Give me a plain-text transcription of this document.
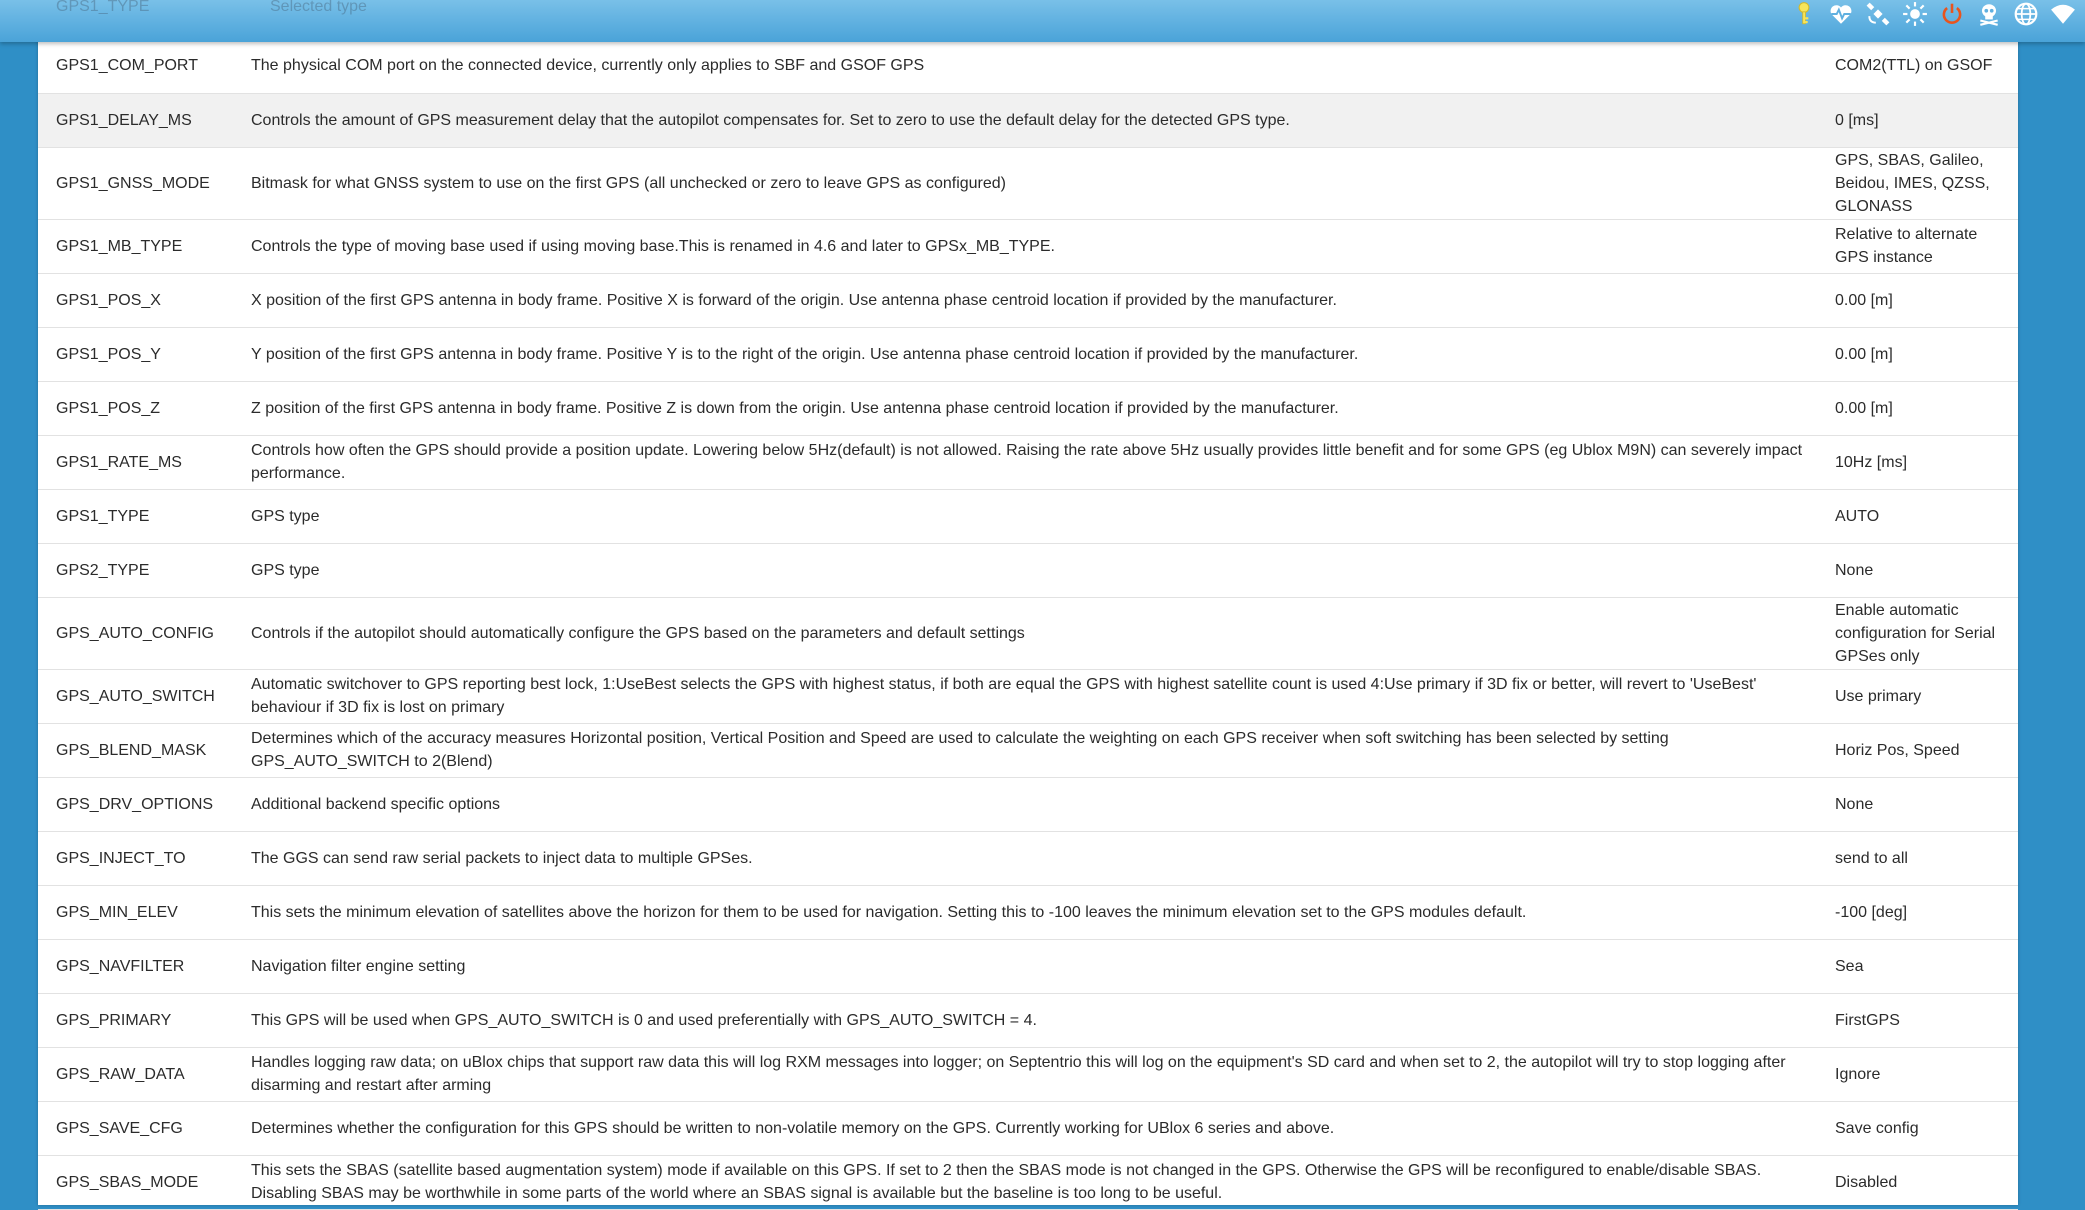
GPS1_TYPE	Selected type
GPS1_COM_PORT	The physical COM port on the connected device, currently only applies to SBF and GSOF GPS	COM2(TTL) on GSOF
GPS1_DELAY_MS	Controls the amount of GPS measurement delay that the autopilot compensates for. Set to zero to use the default delay for the detected GPS type.	0 [ms]
GPS1_GNSS_MODE	Bitmask for what GNSS system to use on the first GPS (all unchecked or zero to leave GPS as configured)	GPS, SBAS, Galileo, Beidou, IMES, QZSS, GLONASS
GPS1_MB_TYPE	Controls the type of moving base used if using moving base.This is renamed in 4.6 and later to GPSx_MB_TYPE.	Relative to alternate GPS instance
GPS1_POS_X	X position of the first GPS antenna in body frame. Positive X is forward of the origin. Use antenna phase centroid location if provided by the manufacturer.	0.00 [m]
GPS1_POS_Y	Y position of the first GPS antenna in body frame. Positive Y is to the right of the origin. Use antenna phase centroid location if provided by the manufacturer.	0.00 [m]
GPS1_POS_Z	Z position of the first GPS antenna in body frame. Positive Z is down from the origin. Use antenna phase centroid location if provided by the manufacturer.	0.00 [m]
GPS1_RATE_MS	Controls how often the GPS should provide a position update. Lowering below 5Hz(default) is not allowed. Raising the rate above 5Hz usually provides little benefit and for some GPS (eg Ublox M9N) can severely impact performance.	10Hz [ms]
GPS1_TYPE	GPS type	AUTO
GPS2_TYPE	GPS type	None
GPS_AUTO_CONFIG	Controls if the autopilot should automatically configure the GPS based on the parameters and default settings	Enable automatic configuration for Serial GPSes only
GPS_AUTO_SWITCH	Automatic switchover to GPS reporting best lock, 1:UseBest selects the GPS with highest status, if both are equal the GPS with highest satellite count is used 4:Use primary if 3D fix or better, will revert to 'UseBest' behaviour if 3D fix is lost on primary	Use primary
GPS_BLEND_MASK	Determines which of the accuracy measures Horizontal position, Vertical Position and Speed are used to calculate the weighting on each GPS receiver when soft switching has been selected by setting GPS_AUTO_SWITCH to 2(Blend)	Horiz Pos, Speed
GPS_DRV_OPTIONS	Additional backend specific options	None
GPS_INJECT_TO	The GGS can send raw serial packets to inject data to multiple GPSes.	send to all
GPS_MIN_ELEV	This sets the minimum elevation of satellites above the horizon for them to be used for navigation. Setting this to -100 leaves the minimum elevation set to the GPS modules default.	-100 [deg]
GPS_NAVFILTER	Navigation filter engine setting	Sea
GPS_PRIMARY	This GPS will be used when GPS_AUTO_SWITCH is 0 and used preferentially with GPS_AUTO_SWITCH = 4.	FirstGPS
GPS_RAW_DATA	Handles logging raw data; on uBlox chips that support raw data this will log RXM messages into logger; on Septentrio this will log on the equipment's SD card and when set to 2, the autopilot will try to stop logging after disarming and restart after arming	Ignore
GPS_SAVE_CFG	Determines whether the configuration for this GPS should be written to non-volatile memory on the GPS. Currently working for UBlox 6 series and above.	Save config
GPS_SBAS_MODE	This sets the SBAS (satellite based augmentation system) mode if available on this GPS. If set to 2 then the SBAS mode is not changed in the GPS. Otherwise the GPS will be reconfigured to enable/disable SBAS. Disabling SBAS may be worthwhile in some parts of the world where an SBAS signal is available but the baseline is too long to be useful.	Disabled
